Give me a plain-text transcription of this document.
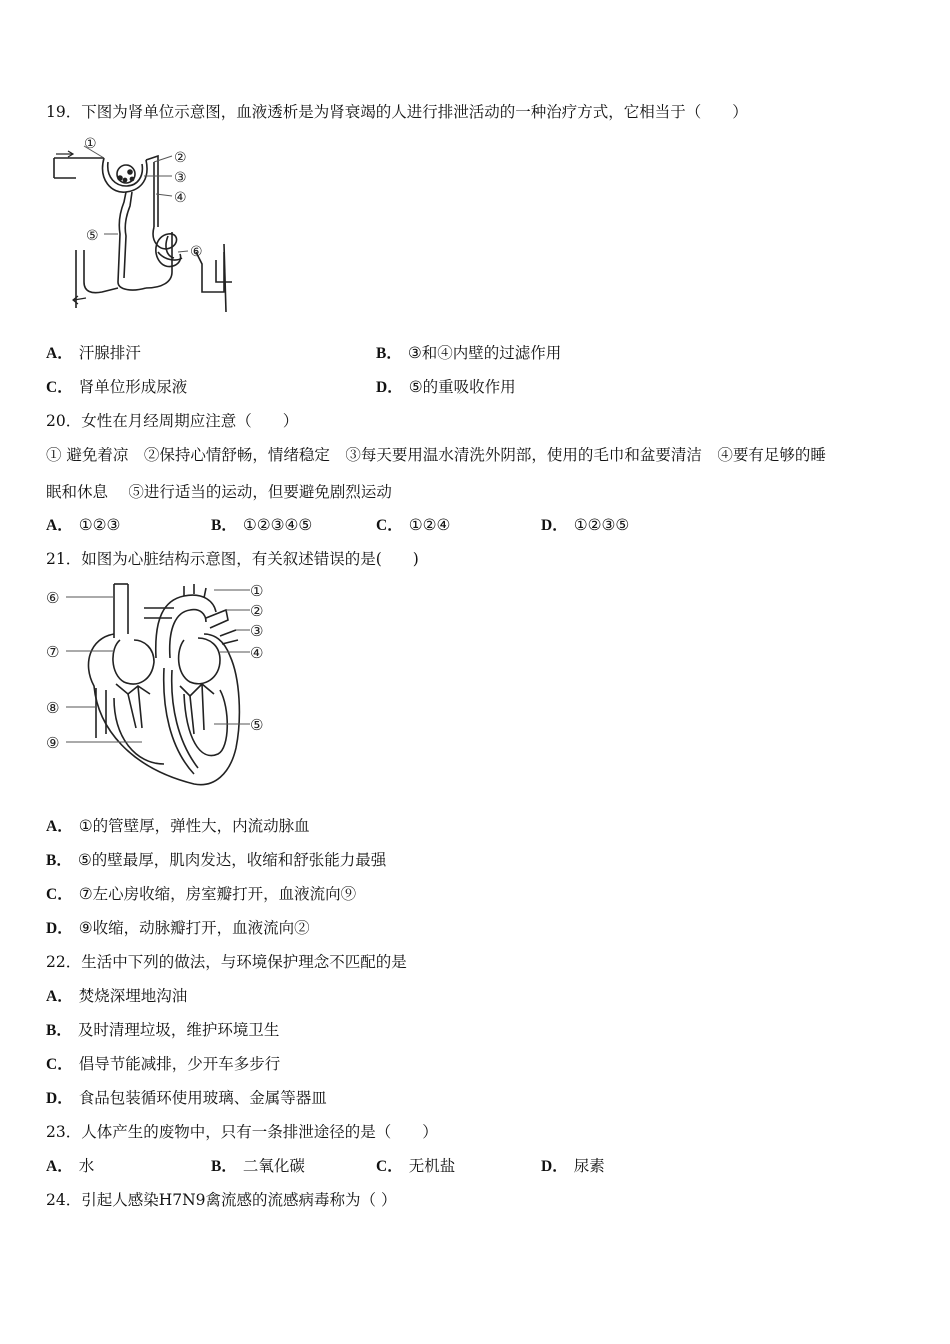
19．下图为肾单位示意图，血液透析是为肾衰竭的人进行排泄活动的一种治疗方式，它相当于（　　）
①
②
③
④
⑤
⑥
A． 汗腺排汗	B． ③和④内壁的过滤作用
C． 肾单位形成尿液	D． ⑤的重吸收作用
20．女性在月经周期应注意（　　）
① 避免着凉　②保持心情舒畅，情绪稳定　③每天要用温水清洗外阴部，使用的毛巾和盆要清洁　④要有足够的睡
眠和休息　 ⑤进行适当的运动，但要避免剧烈运动
A． ①②③	B． ①②③④⑤	C． ①②④	D． ①②③⑤
21．如图为心脏结构示意图，有关叙述错误的是(　　)
①
②
③
④
⑤
⑥
⑦
⑧
⑨
A． ①的管壁厚，弹性大，内流动脉血
B． ⑤的壁最厚，肌肉发达，收缩和舒张能力最强
C． ⑦左心房收缩，房室瓣打开，血液流向⑨
D． ⑨收缩，动脉瓣打开，血液流向②
22．生活中下列的做法，与环境保护理念不匹配的是
A． 焚烧深埋地沟油
B． 及时清理垃圾，维护环境卫生
C． 倡导节能减排，少开车多步行
D． 食品包装循环使用玻璃、金属等器皿
23．人体产生的废物中，只有一条排泄途径的是（　　）
A． 水	B． 二氧化碳	C． 无机盐	D． 尿素
24．引起人感染H7N9禽流感的流感病毒称为（ ）
